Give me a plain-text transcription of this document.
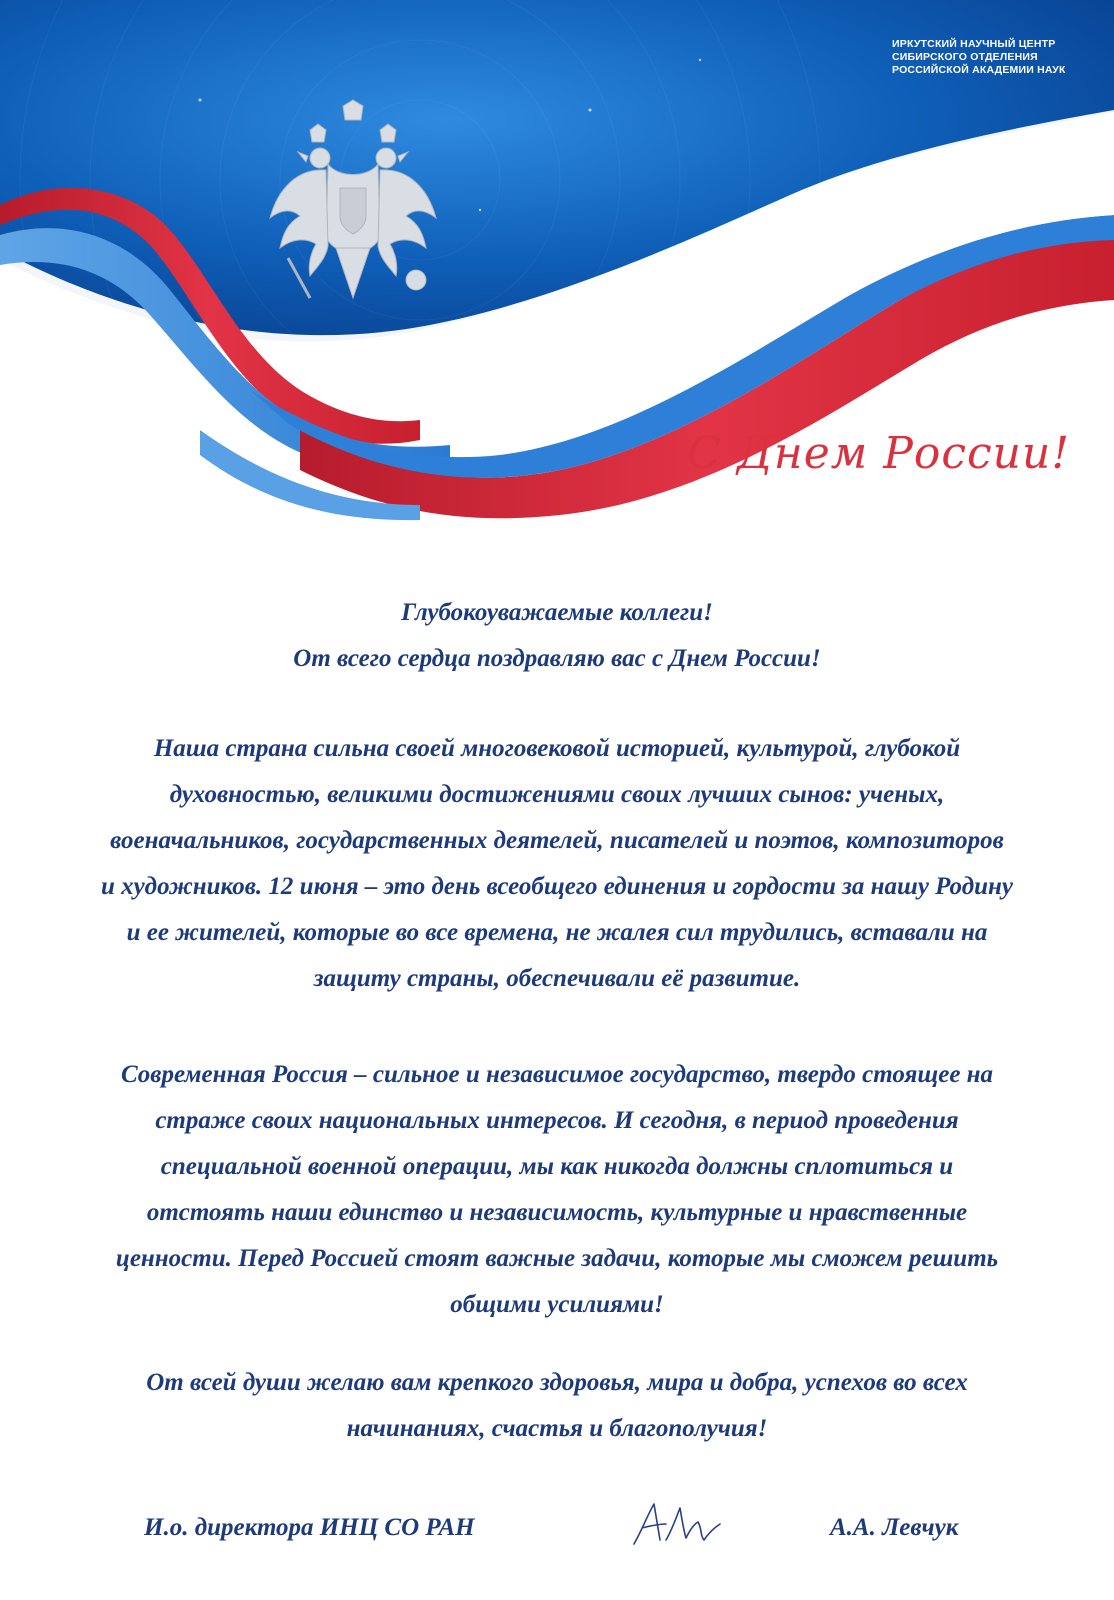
ИРКУТСКИЙ НАУЧНЫЙ ЦЕНТР
СИБИРСКОГО ОТДЕЛЕНИЯ
РОССИЙСКОЙ АКАДЕМИИ НАУК
С Днем России!
Глубокоуважаемые коллеги!
От всего сердца поздравляю вас с Днем России!
Наша страна сильна своей многовековой историей, культурой, глубокой
духовностью, великими достижениями своих лучших сынов: ученых,
военачальников, государственных деятелей, писателей и поэтов, композиторов
и художников. 12 июня – это день всеобщего единения и гордости за нашу Родину
и ее жителей, которые во все времена, не жалея сил трудились, вставали на
защиту страны, обеспечивали её развитие.
Современная Россия – сильное и независимое государство, твердо стоящее на
страже своих национальных интересов. И сегодня, в период проведения
специальной военной операции, мы как никогда должны сплотиться и
отстоять наши единство и независимость, культурные и нравственные
ценности. Перед Россией стоят важные задачи, которые мы сможем решить
общими усилиями!
От всей души желаю вам крепкого здоровья, мира и добра, успехов во всех
начинаниях, счастья и благополучия!
И.о. директора ИНЦ СО РАН	А.А. Левчук
